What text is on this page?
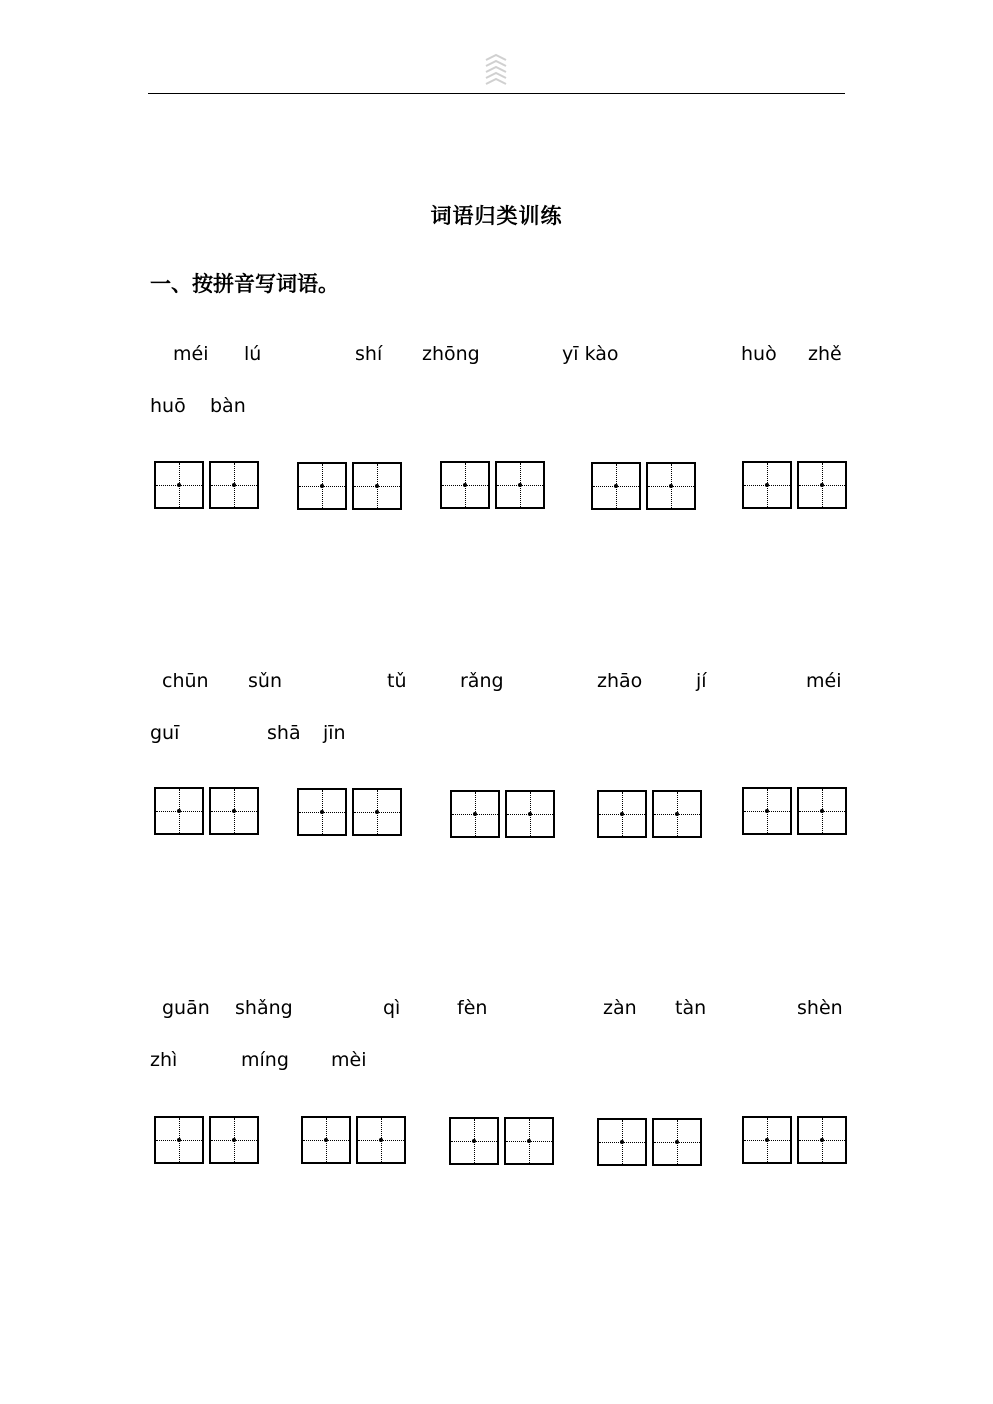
词语归类训练
一、按拼音写词语。
méi lú	shí zhōng	yī kào	huò zhě
huō bàn
chūn sǔn	tǔ	rǎng	zhāo	jí	méi
guī	shā jīn
guān shǎng	qì	fèn	zàn tàn	shèn
zhì	míng mèi
